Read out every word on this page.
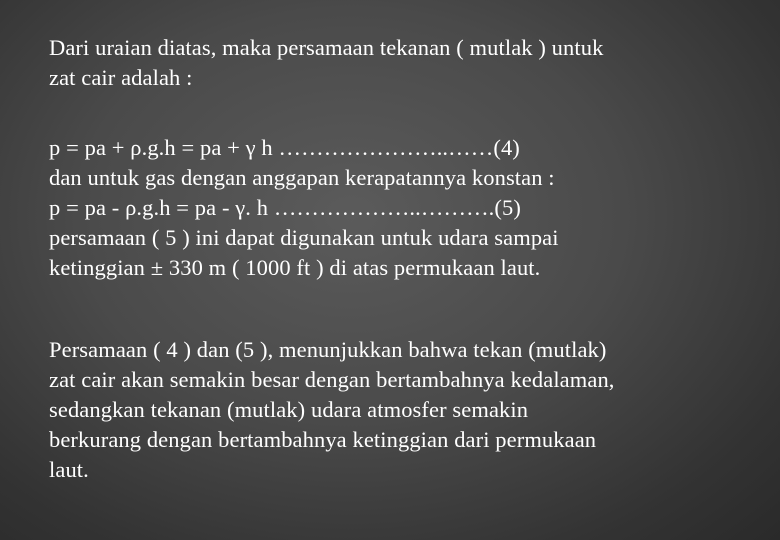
Dari uraian diatas, maka persamaan tekanan ( mutlak ) untuk
zat cair adalah :
p = pa + ρ.g.h = pa + γ h …………………..……(4)
dan untuk gas dengan anggapan kerapatannya konstan :
p = pa - ρ.g.h = pa - γ. h ………………..……….(5)
persamaan ( 5 ) ini dapat digunakan untuk udara sampai
ketinggian ± 330 m ( 1000 ft ) di atas permukaan laut.
Persamaan ( 4 ) dan (5 ), menunjukkan bahwa tekan (mutlak)
zat cair akan semakin besar dengan bertambahnya kedalaman,
sedangkan tekanan (mutlak) udara atmosfer semakin
berkurang dengan bertambahnya ketinggian dari permukaan
laut.
